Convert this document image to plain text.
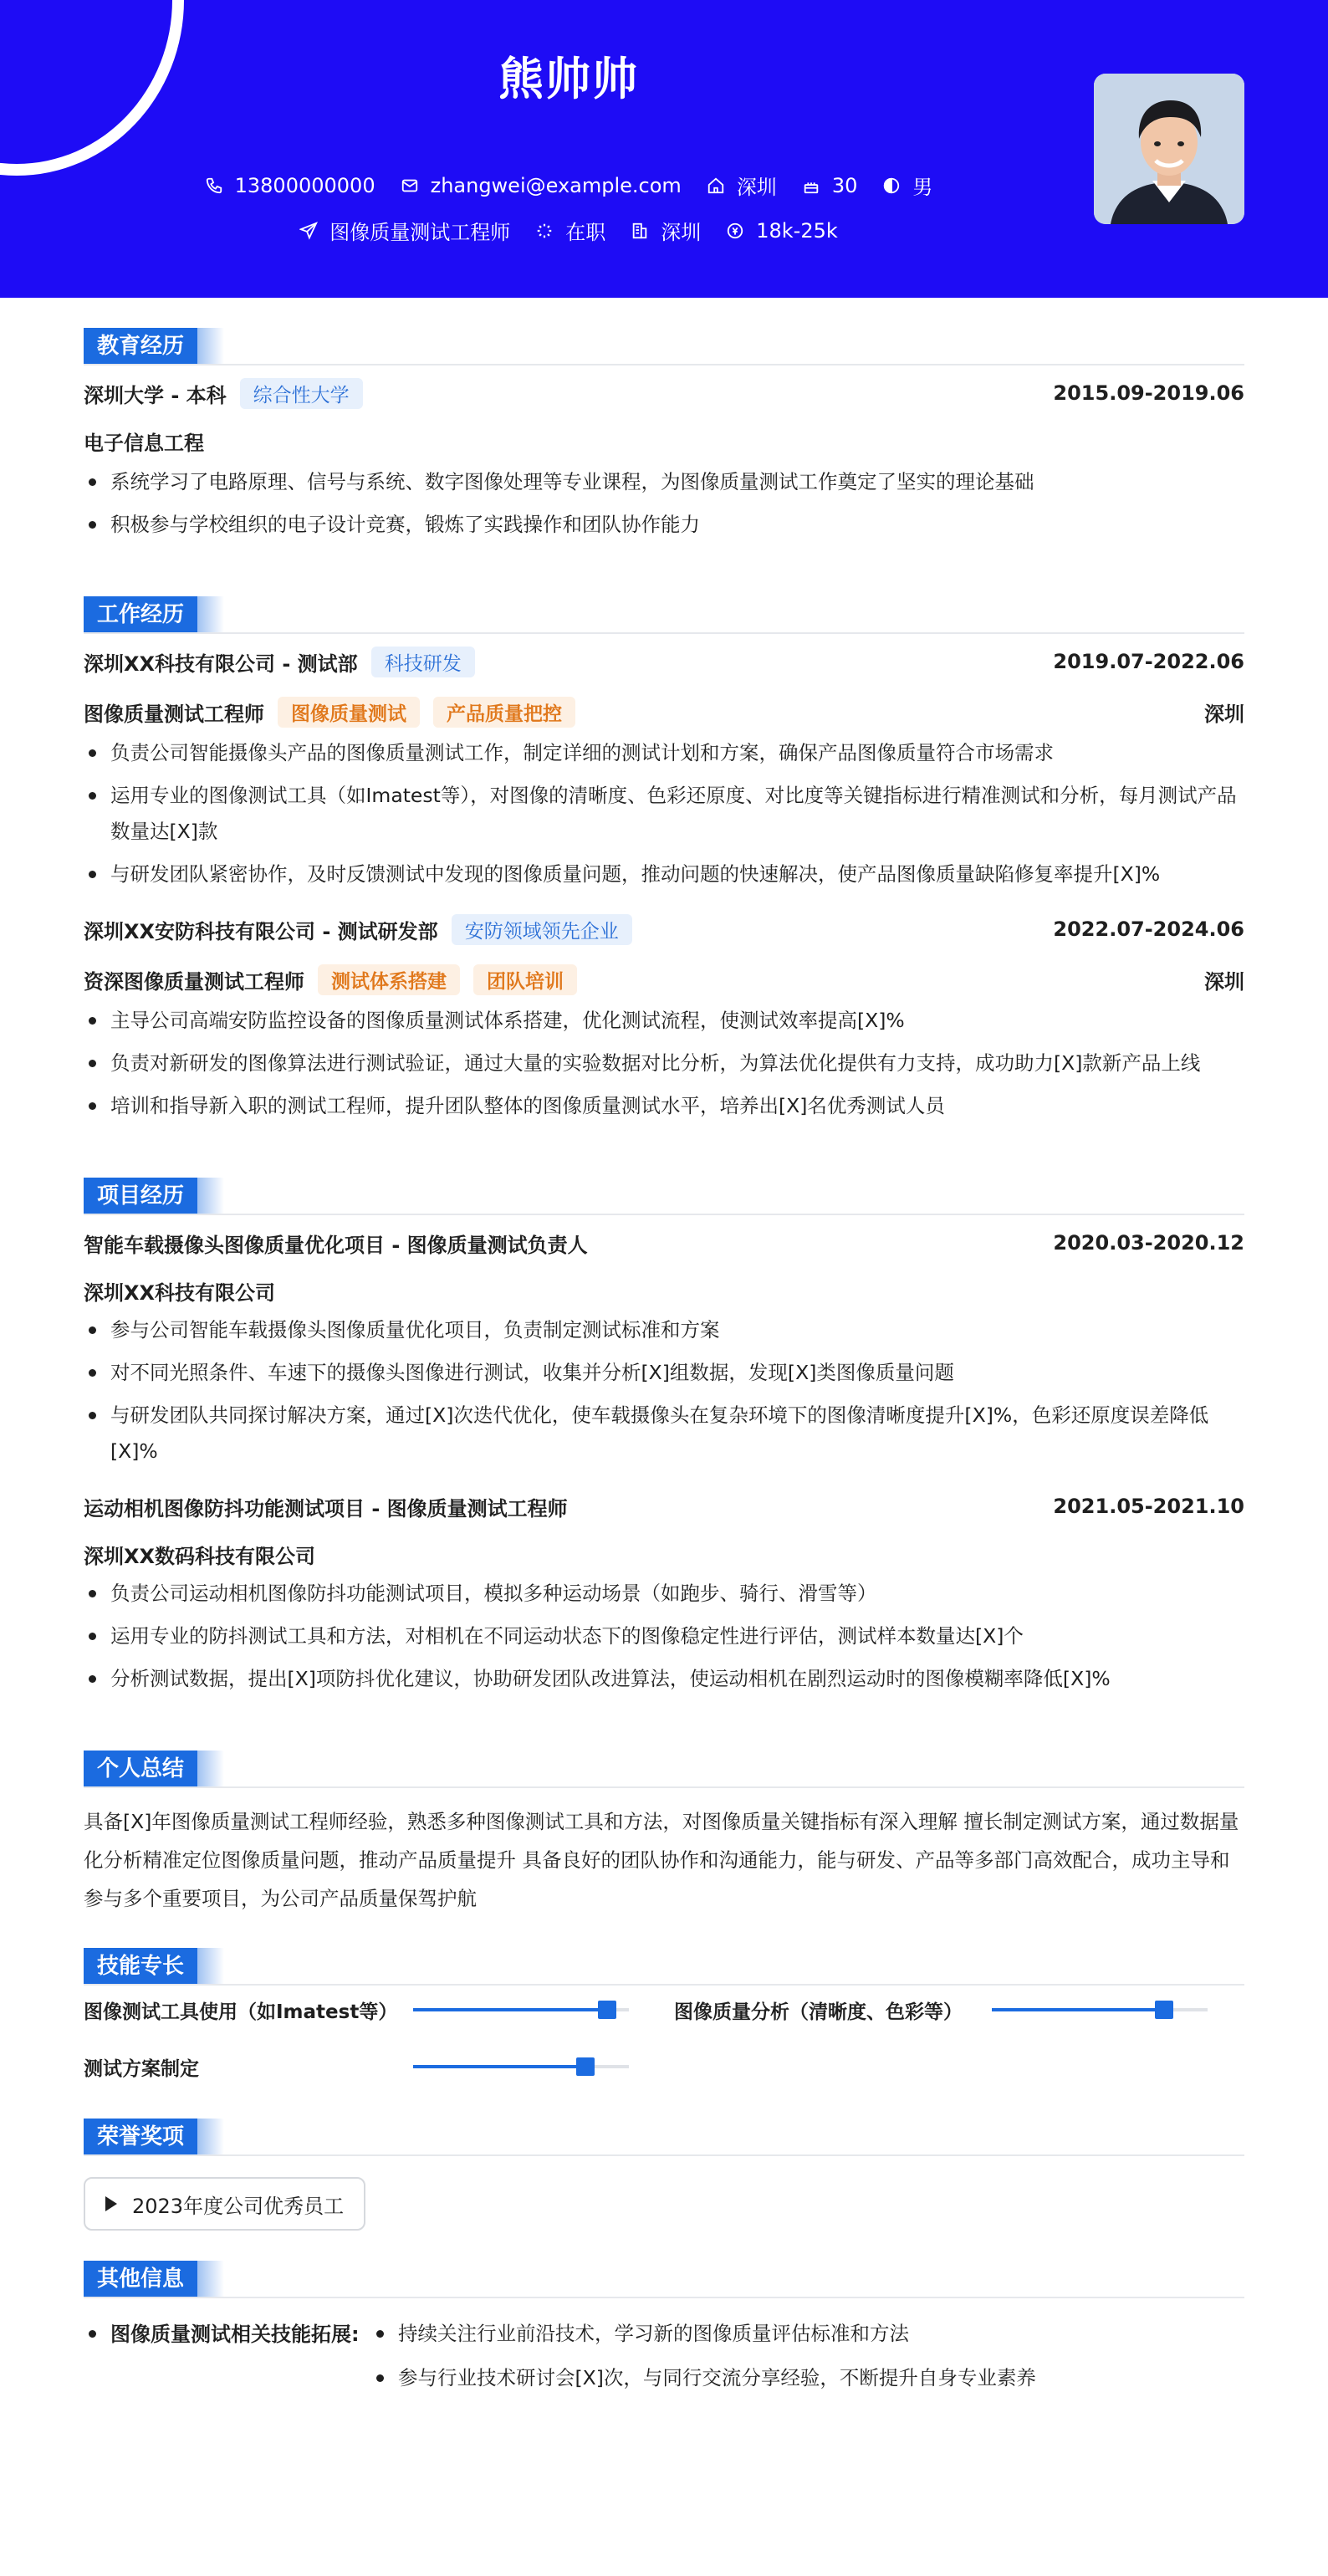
熊帅帅
13800000000	zhangwei@example.com	深圳	30	男
图像质量测试工程师	在职	深圳	18k-25k
教育经历
深圳大学 - 本科	综合性大学	2015.09-2019.06
电子信息工程
系统学习了电路原理、信号与系统、数字图像处理等专业课程，为图像质量测试工作奠定了坚实的理论基础
积极参与学校组织的电子设计竞赛，锻炼了实践操作和团队协作能力
工作经历
深圳XX科技有限公司 - 测试部	科技研发	2019.07-2022.06
图像质量测试工程师	图像质量测试	产品质量把控	深圳
负责公司智能摄像头产品的图像质量测试工作，制定详细的测试计划和方案，确保产品图像质量符合市场需求
运用专业的图像测试工具（如Imatest等），对图像的清晰度、色彩还原度、对比度等关键指标进行精准测试和分析，每月测试产品数量达[X]款
与研发团队紧密协作，及时反馈测试中发现的图像质量问题，推动问题的快速解决，使产品图像质量缺陷修复率提升[X]%
深圳XX安防科技有限公司 - 测试研发部	安防领域领先企业	2022.07-2024.06
资深图像质量测试工程师	测试体系搭建	团队培训	深圳
主导公司高端安防监控设备的图像质量测试体系搭建，优化测试流程，使测试效率提高[X]%
负责对新研发的图像算法进行测试验证，通过大量的实验数据对比分析，为算法优化提供有力支持，成功助力[X]款新产品上线
培训和指导新入职的测试工程师，提升团队整体的图像质量测试水平，培养出[X]名优秀测试人员
项目经历
智能车载摄像头图像质量优化项目 - 图像质量测试负责人	2020.03-2020.12
深圳XX科技有限公司
参与公司智能车载摄像头图像质量优化项目，负责制定测试标准和方案
对不同光照条件、车速下的摄像头图像进行测试，收集并分析[X]组数据，发现[X]类图像质量问题
与研发团队共同探讨解决方案，通过[X]次迭代优化，使车载摄像头在复杂环境下的图像清晰度提升[X]%，色彩还原度误差降低[X]%
运动相机图像防抖功能测试项目 - 图像质量测试工程师	2021.05-2021.10
深圳XX数码科技有限公司
负责公司运动相机图像防抖功能测试项目，模拟多种运动场景（如跑步、骑行、滑雪等）
运用专业的防抖测试工具和方法，对相机在不同运动状态下的图像稳定性进行评估，测试样本数量达[X]个
分析测试数据，提出[X]项防抖优化建议，协助研发团队改进算法，使运动相机在剧烈运动时的图像模糊率降低[X]%
个人总结
具备[X]年图像质量测试工程师经验，熟悉多种图像测试工具和方法，对图像质量关键指标有深入理解 擅长制定测试方案，通过数据量化分析精准定位图像质量问题，推动产品质量提升 具备良好的团队协作和沟通能力，能与研发、产品等多部门高效配合，成功主导和参与多个重要项目，为公司产品质量保驾护航
技能专长
图像测试工具使用（如Imatest等）	图像质量分析（清晰度、色彩等）
测试方案制定
荣誉奖项
2023年度公司优秀员工
其他信息
图像质量测试相关技能拓展:	持续关注行业前沿技术，学习新的图像质量评估标准和方法
参与行业技术研讨会[X]次，与同行交流分享经验，不断提升自身专业素养
